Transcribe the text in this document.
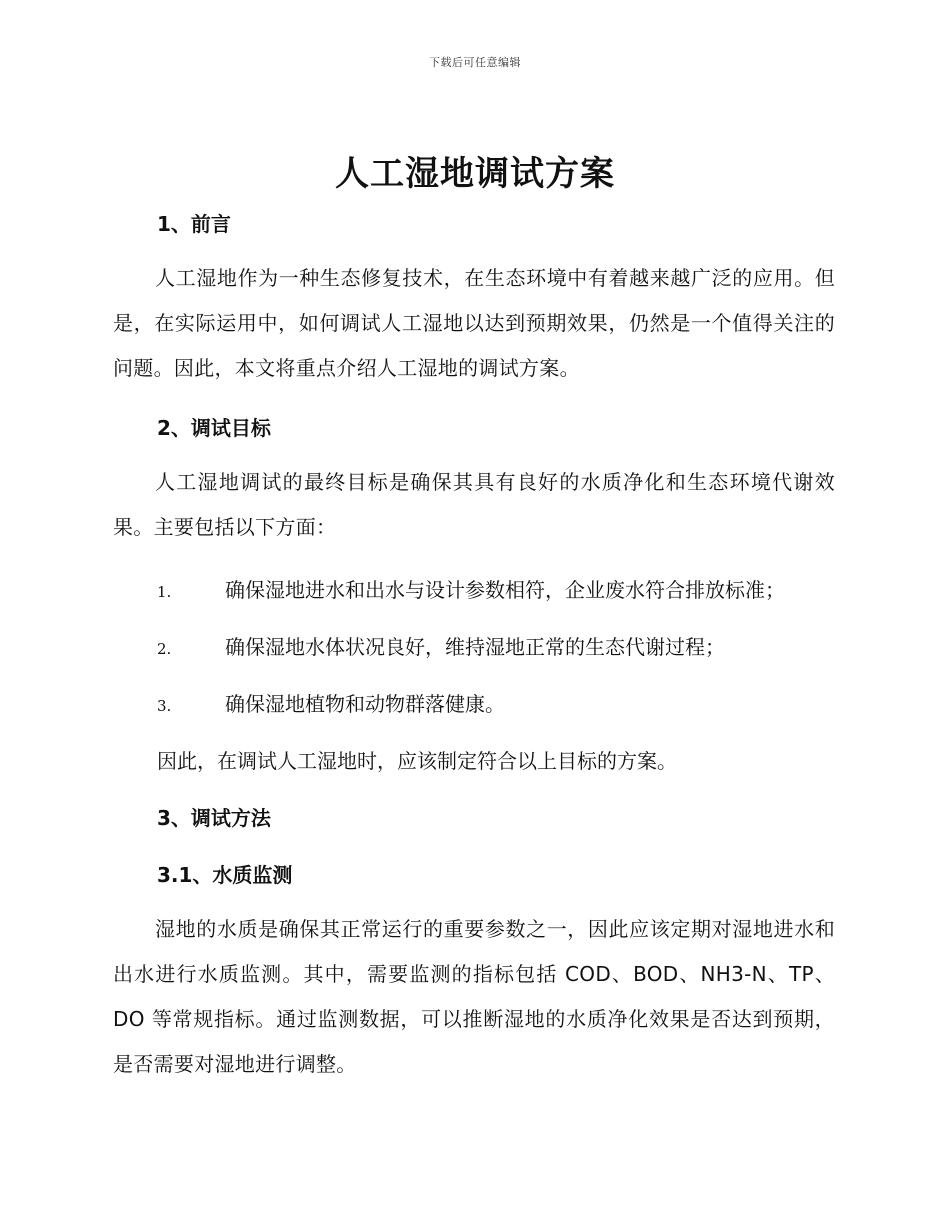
下载后可任意编辑
人工湿地调试方案
1、前言
人工湿地作为一种生态修复技术，在生态环境中有着越来越广泛的应用。但是，在实际运用中，如何调试人工湿地以达到预期效果，仍然是一个值得关注的问题。因此，本文将重点介绍人工湿地的调试方案。
2、调试目标
人工湿地调试的最终目标是确保其具有良好的水质净化和生态环境代谢效果。主要包括以下方面：
1.	确保湿地进水和出水与设计参数相符，企业废水符合排放标准；
2.	确保湿地水体状况良好，维持湿地正常的生态代谢过程；
3.	确保湿地植物和动物群落健康。
因此，在调试人工湿地时，应该制定符合以上目标的方案。
3、调试方法
3.1、水质监测
湿地的水质是确保其正常运行的重要参数之一，因此应该定期对湿地进水和出水进行水质监测。其中，需要监测的指标包括 COD、BOD、NH3-N、TP、DO 等常规指标。通过监测数据，可以推断湿地的水质净化效果是否达到预期，是否需要对湿地进行调整。
